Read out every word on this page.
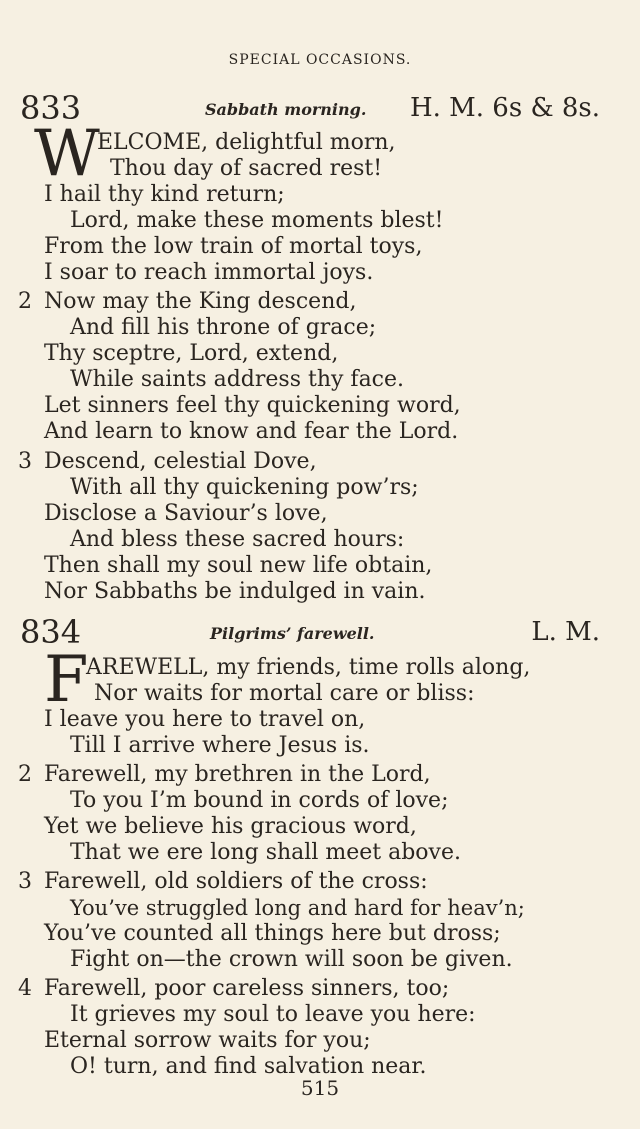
SPECIAL OCCASIONS.
833	Sabbath morning. H. M. 6s & 8s.
W
ELCOME, delightful morn,
Thou day of sacred rest!
I hail thy kind return;
Lord, make these moments blest!
From the low train of mortal toys,
I soar to reach immortal joys.
2 Now may the King descend,
And fill his throne of grace;
Thy sceptre, Lord, extend,
While saints address thy face.
Let sinners feel thy quickening word,
And learn to know and fear the Lord.
3 Descend, celestial Dove,
With all thy quickening pow’rs;
Disclose a Saviour’s love,
And bless these sacred hours:
Then shall my soul new life obtain,
Nor Sabbaths be indulged in vain.
834	Pilgrims’ farewell.	L. M.
F
AREWELL, my friends, time rolls along,
Nor waits for mortal care or bliss:
I leave you here to travel on,
Till I arrive where Jesus is.
2 Farewell, my brethren in the Lord,
To you I’m bound in cords of love;
Yet we believe his gracious word,
That we ere long shall meet above.
3 Farewell, old soldiers of the cross:
You’ve struggled long and hard for heav’n;
You’ve counted all things here but dross;
Fight on—the crown will soon be given.
4 Farewell, poor careless sinners, too;
It grieves my soul to leave you here:
Eternal sorrow waits for you;
O! turn, and find salvation near.
515
